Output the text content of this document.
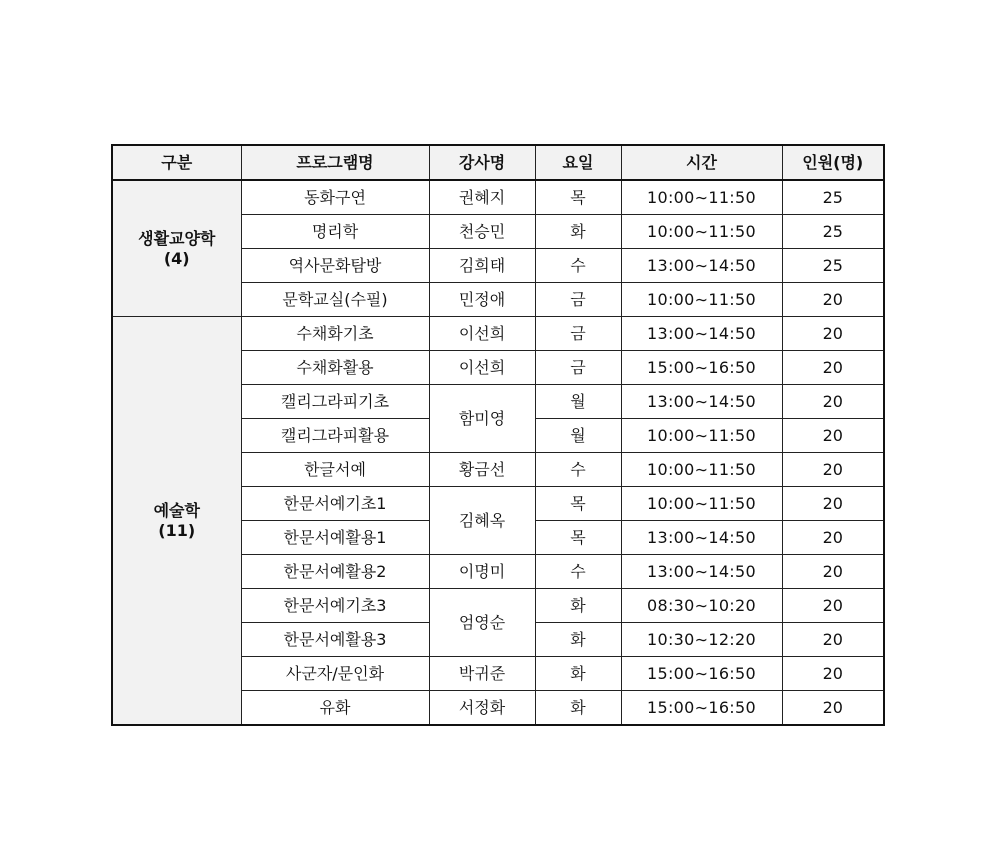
구분	프로그램명	강사명	요일	시간	인원(명)

생활교양학
(4)	동화구연	권혜지	목	10:00∼11:50	25
	명리학	천승민	화	10:00∼11:50	25
	역사문화탐방	김희태	수	13:00∼14:50	25
	문학교실(수필)	민정애	금	10:00∼11:50	20

예술학
(11)	수채화기초	이선희	금	13:00∼14:50	20
	수채화활용	이선희	금	15:00∼16:50	20
	캘리그라피기초	함미영	월	13:00∼14:50	20
	캘리그라피활용		월	10:00∼11:50	20
	한글서예	황금선	수	10:00∼11:50	20
	한문서예기초1	김혜옥	목	10:00∼11:50	20
	한문서예활용1		목	13:00∼14:50	20
	한문서예활용2	이명미	수	13:00∼14:50	20
	한문서예기초3	엄영순	화	08:30∼10:20	20
	한문서예활용3		화	10:30∼12:20	20
	사군자/문인화	박귀준	화	15:00∼16:50	20
	유화	서정화	화	15:00∼16:50	20
